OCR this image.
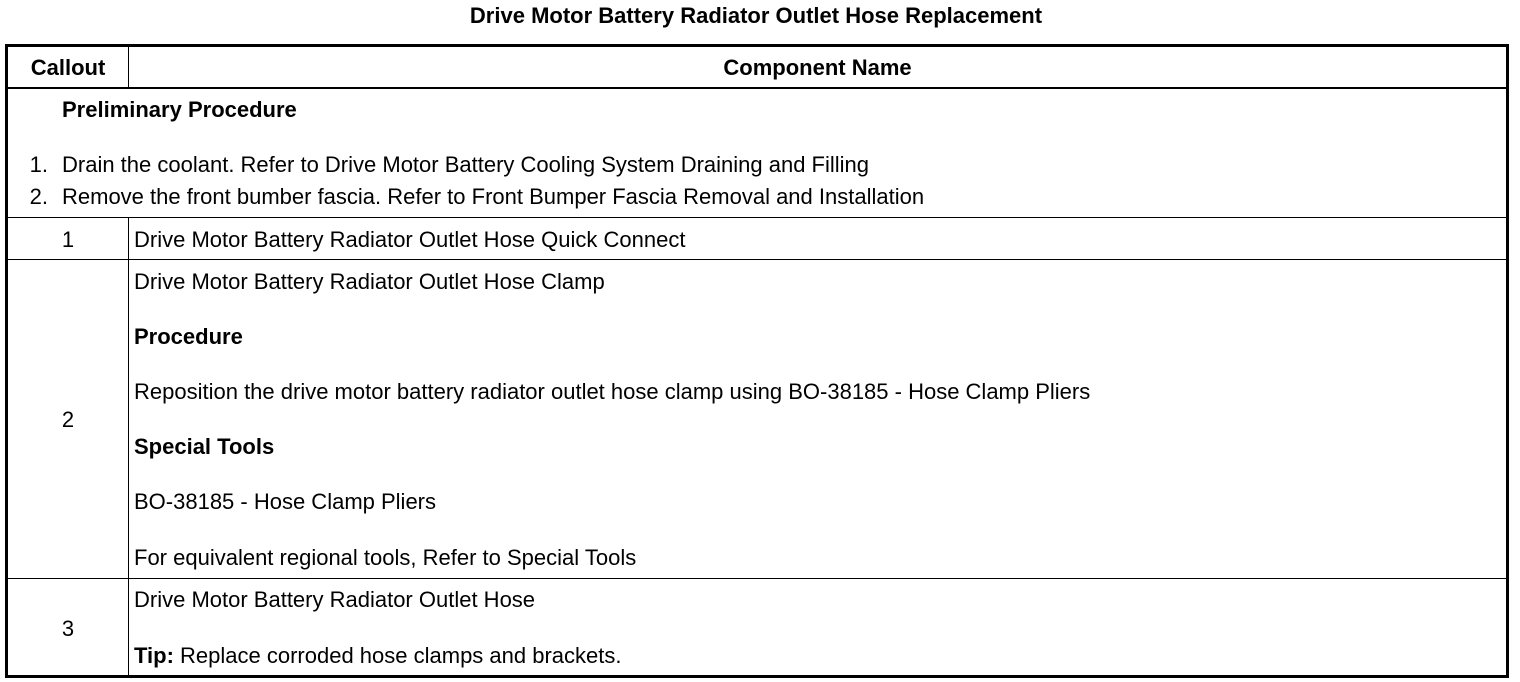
Drive Motor Battery Radiator Outlet Hose Replacement
Callout	Component Name
Preliminary Procedure
1. Drain the coolant. Refer to Drive Motor Battery Cooling System Draining and Filling
2. Remove the front bumber fascia. Refer to Front Bumper Fascia Removal and Installation
1	Drive Motor Battery Radiator Outlet Hose Quick Connect
2
Drive Motor Battery Radiator Outlet Hose Clamp
Procedure
Reposition the drive motor battery radiator outlet hose clamp using BO-38185 - Hose Clamp Pliers
Special Tools
BO-38185 - Hose Clamp Pliers
For equivalent regional tools, Refer to Special Tools
3
Drive Motor Battery Radiator Outlet Hose
Tip: Replace corroded hose clamps and brackets.
